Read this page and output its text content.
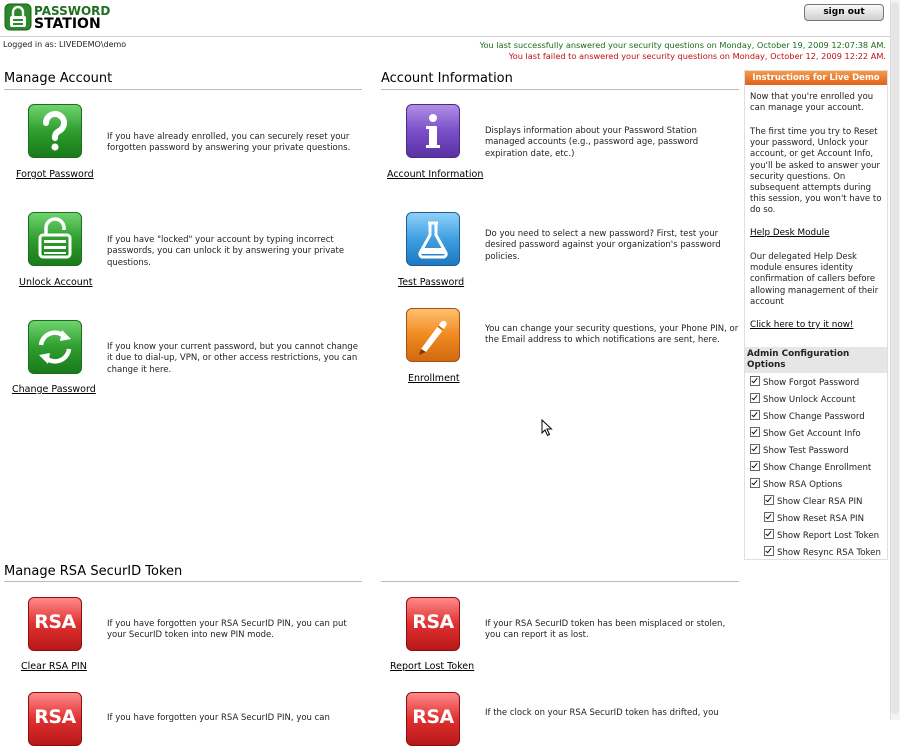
PASSWORD
STATION
sign out
Logged in as: LIVEDEMO\demo	You last successfully answered your security questions on Monday, October 19, 2009 12:07:38 AM.
You last failed to answered your security questions on Monday, October 12, 2009 12:22 AM.
Manage Account
Forgot Password
If you have already enrolled, you can securely reset your forgotten password by answering your private questions.
Unlock Account
If you have "locked" your account by typing incorrect passwords, you can unlock it by answering your private questions.
Change Password
If you know your current password, but you cannot change it due to dial-up, VPN, or other access restrictions, you can change it here.
Account Information
Account Information
Displays information about your Password Station managed accounts (e.g., password age, password expiration date, etc.)
Test Password
Do you need to select a new password? First, test your desired password against your organization's password policies.
Enrollment
You can change your security questions, your Phone PIN, or the Email address to which notifications are sent, here.
Manage RSA SecurID Token
RSA
Clear RSA PIN
If you have forgotten your RSA SecurID PIN, you can put your SecurID token into new PIN mode.
RSA
Report Lost Token
If your RSA SecurID token has been misplaced or stolen, you can report it as lost.
RSA	If you have forgotten your RSA SecurID PIN, you can	RSA	If the clock on your RSA SecurID token has drifted, you
Instructions for Live Demo
Now that you're enrolled you can manage your account.
The first time you try to Reset your password, Unlock your account, or get Account Info, you'll be asked to answer your security questions. On subsequent attempts during this session, you won't have to do so.
Help Desk Module
Our delegated Help Desk module ensures identity confirmation of callers before allowing management of their account
Click here to try it now!
Admin Configuration Options
Show Forgot Password
Show Unlock Account
Show Change Password
Show Get Account Info
Show Test Password
Show Change Enrollment
Show RSA Options
Show Clear RSA PIN
Show Reset RSA PIN
Show Report Lost Token
Show Resync RSA Token
